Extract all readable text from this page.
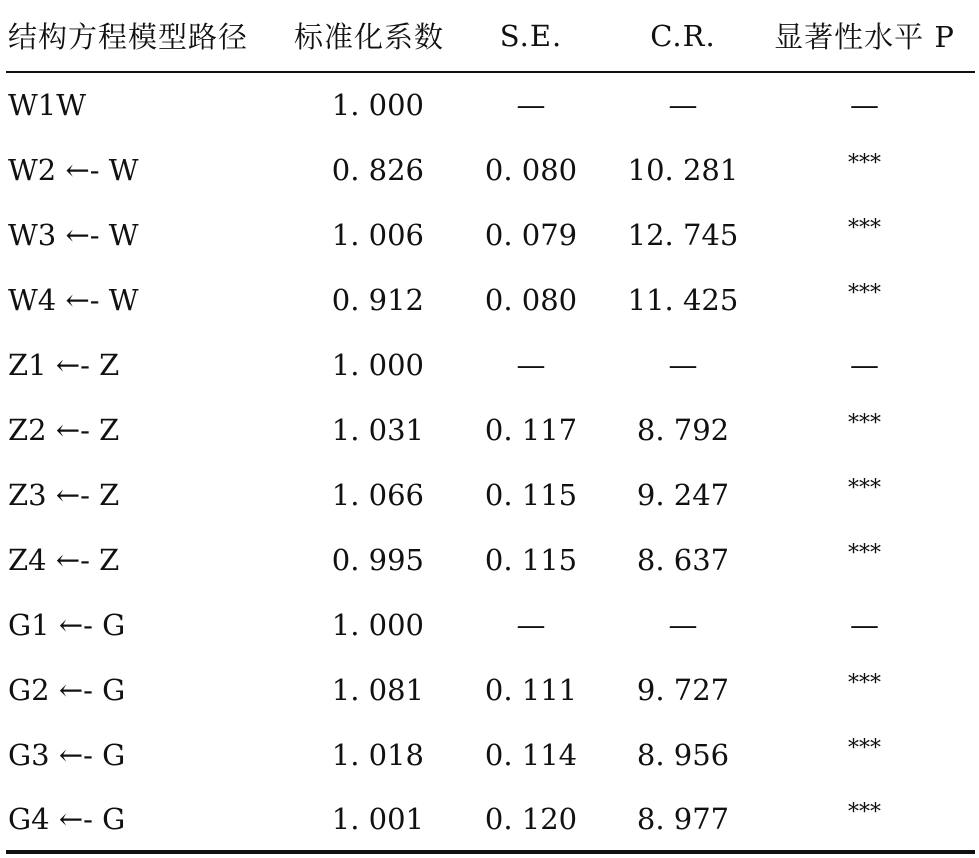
结构方程模型路径	标准化系数	S.E.	C.R.	显著性水平 P
W1W	1. 000	—	—	—
W2 ←- W	0. 826	0. 080	10. 281	***
W3 ←- W	1. 006	0. 079	12. 745	***
W4 ←- W	0. 912	0. 080	11. 425	***
Z1 ←- Z	1. 000	—	—	—
Z2 ←- Z	1. 031	0. 117	8. 792	***
Z3 ←- Z	1. 066	0. 115	9. 247	***
Z4 ←- Z	0. 995	0. 115	8. 637	***
G1 ←- G	1. 000	—	—	—
G2 ←- G	1. 081	0. 111	9. 727	***
G3 ←- G	1. 018	0. 114	8. 956	***
G4 ←- G	1. 001	0. 120	8. 977	***
